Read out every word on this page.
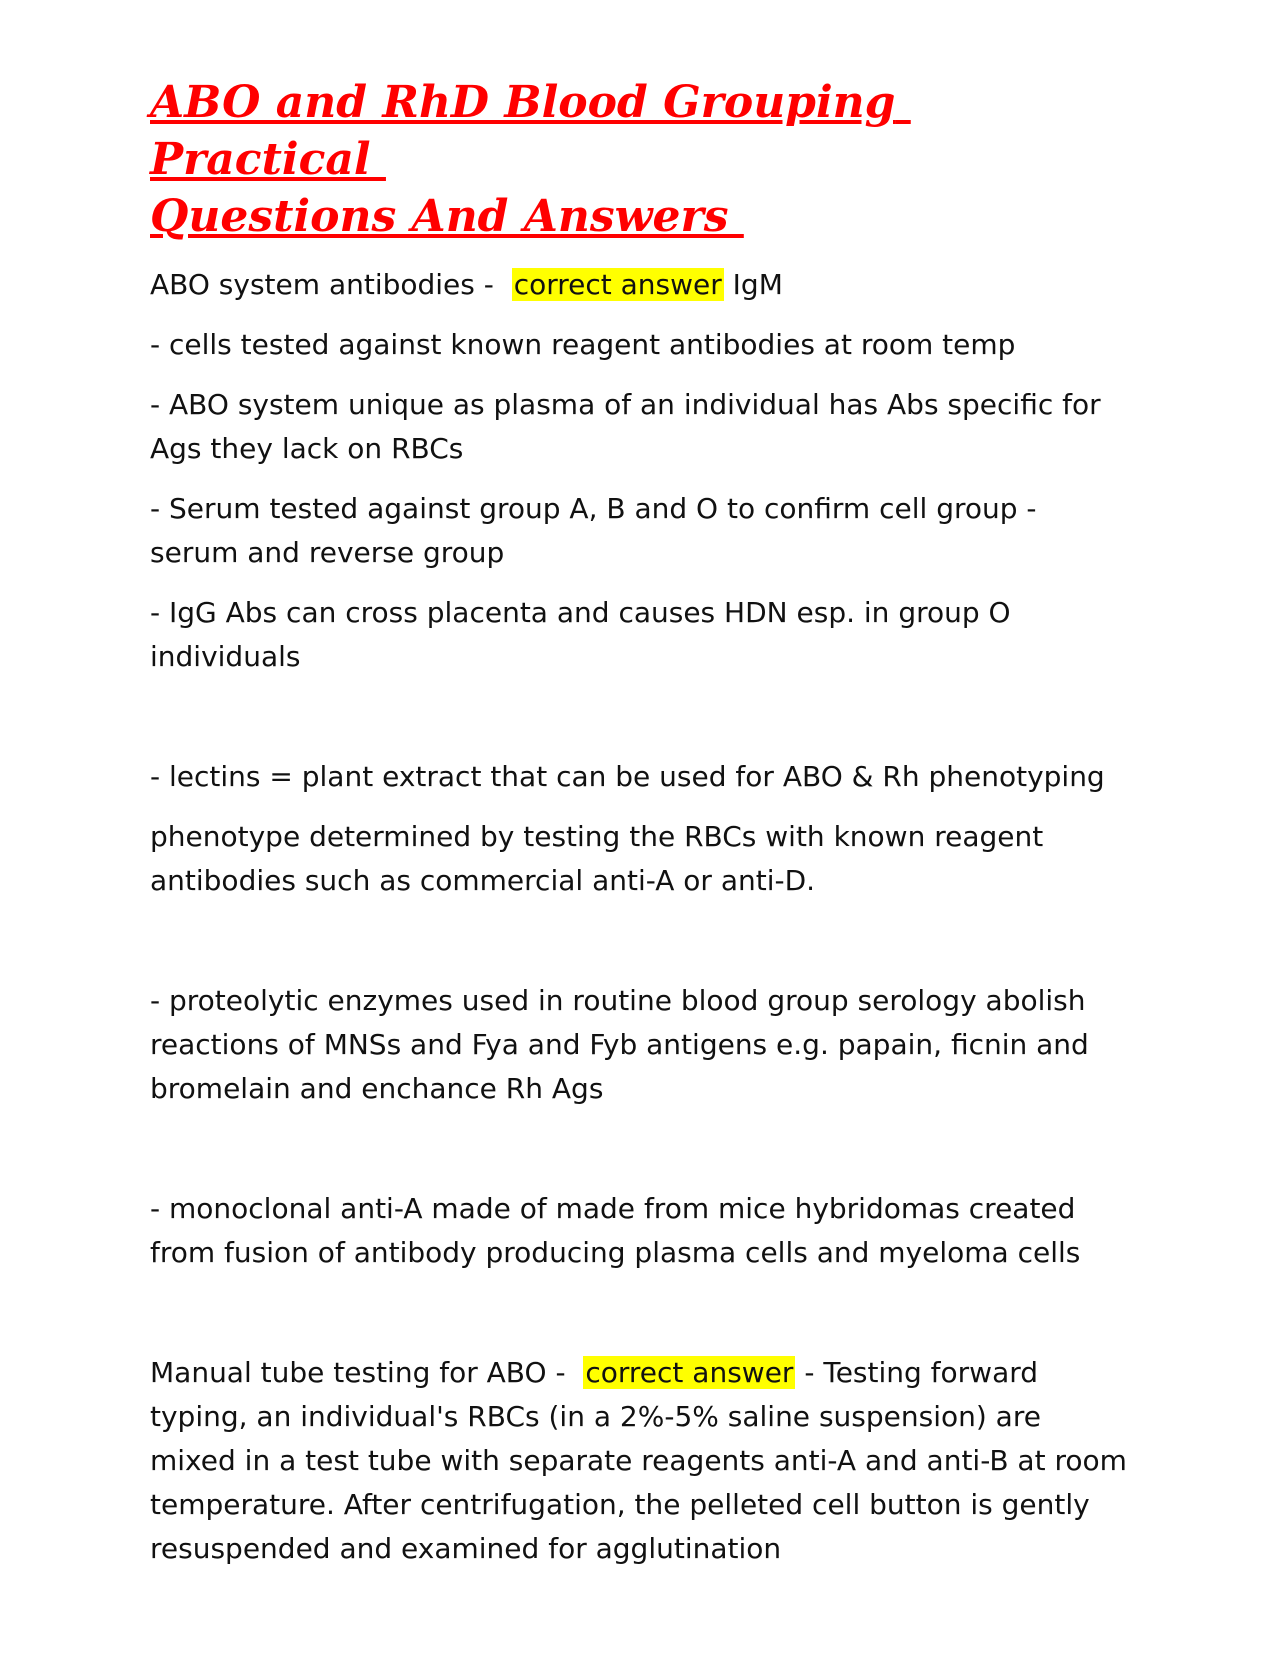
ABO and RhD Blood Grouping Practical
Questions And Answers

ABO system antibodies -  correct answer IgM

- cells tested against known reagent antibodies at room temp

- ABO system unique as plasma of an individual has Abs specific for Ags they lack on RBCs

- Serum tested against group A, B and O to confirm cell group - serum and reverse group

- IgG Abs can cross placenta and causes HDN esp. in group O individuals

- lectins = plant extract that can be used for ABO & Rh phenotyping

phenotype determined by testing the RBCs with known reagent antibodies such as commercial anti-A or anti-D.

- proteolytic enzymes used in routine blood group serology abolish reactions of MNSs and Fya and Fyb antigens e.g. papain, ficnin and bromelain and enchance Rh Ags

- monoclonal anti-A made of made from mice hybridomas created from fusion of antibody producing plasma cells and myeloma cells

Manual tube testing for ABO -  correct answer - Testing forward typing, an individual's RBCs (in a 2%-5% saline suspension) are mixed in a test tube with separate reagents anti-A and anti-B at room temperature. After centrifugation, the pelleted cell button is gently resuspended and examined for agglutination
